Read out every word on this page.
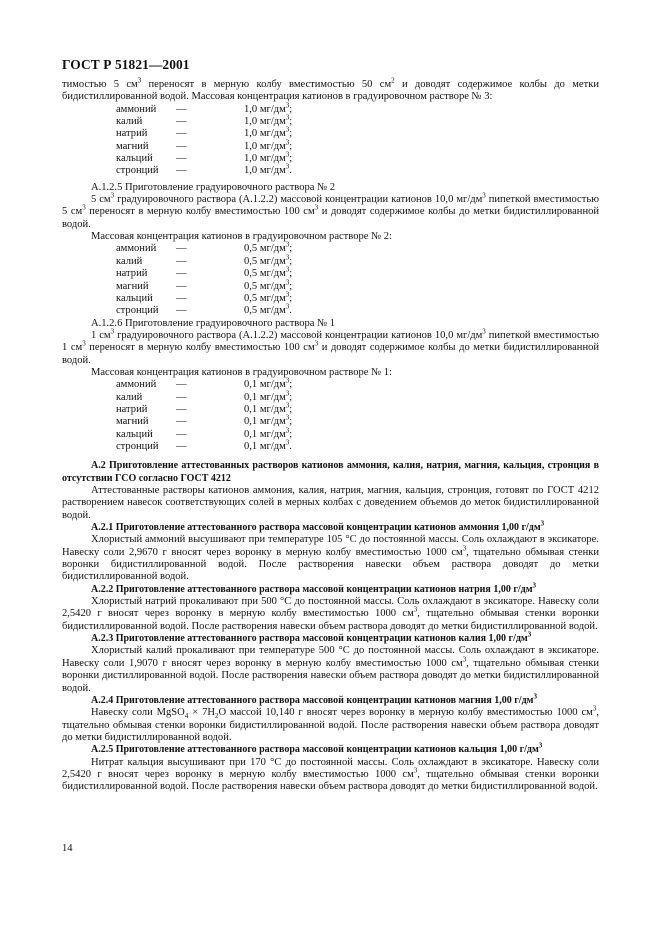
ГОСТ Р 51821—2001

тимостью 5 $см^3$ переносят в мерную колбу вместимостью 50 $см^2$ и доводят содержимое колбы до метки бидистиллированной водой. Массовая концентрация катионов в градуировочном растворе № 3:

аммоний —	1,0 $мг/дм^3$;
калий	—	1,0 $мг/дм^3$;
натрий	—	1,0 $мг/дм^3$;
магний	—	1,0 $мг/дм^3$;
кальций —	1,0 $мг/дм^3$;
стронций —	1,0 $мг/дм^3$.

А.1.2.5 Приготовление градуировочного раствора № 2

5 $см^3$ градуировочного раствора (А.1.2.2) массовой концентрации катионов 10,0 $мг/дм^3$ пипеткой вместимостью 5 $см^3$ переносят в мерную колбу вместимостью 100 $см^3$ и доводят содержимое колбы до метки бидистиллированной водой.

Массовая концентрация катионов в градуировочном растворе № 2:

аммоний —	0,5 $мг/дм^3$;
калий	—	0,5 $мг/дм^3$;
натрий	—	0,5 $мг/дм^3$;
магний	—	0,5 $мг/дм^3$;
кальций —	0,5 $мг/дм^3$;
стронций —	0,5 $мг/дм^3$.

А.1.2.6 Приготовление градуировочного раствора № 1

1 $см^3$ градуировочного раствора (А.1.2.2) массовой концентрации катионов 10,0 $мг/дм^3$ пипеткой вместимостью 1 $см^3$ переносят в мерную колбу вместимостью 100 $см^3$ и доводят содержимое колбы до метки бидистиллированной водой.

Массовая концентрация катионов в градуировочном растворе № 1:

аммоний —	0,1 $мг/дм^3$;
калий	—	0,1 $мг/дм^3$;
натрий	—	0,1 $мг/дм^3$;
магний	—	0,1 $мг/дм^3$;
кальций —	0,1 $мг/дм^3$;
стронций —	0,1 $мг/дм^3$.

А.2 Приготовление аттестованных растворов катионов аммония, калия, натрия, магния, кальция, стронция в отсутствии ГСО согласно ГОСТ 4212

Аттестованные растворы катионов аммония, калия, натрия, магния, кальция, стронция, готовят по ГОСТ 4212 растворением навесок соответствующих солей в мерных колбах с доведением объемов до меток бидистиллированной водой.

А.2.1 Приготовление аттестованного раствора массовой концентрации катионов аммония 1,00 $г/дм^3$

Хлористый аммоний высушивают при температуре 105 °С до постоянной массы. Соль охлаждают в эксикаторе. Навеску соли 2,9670 г вносят через воронку в мерную колбу вместимостью 1000 $см^3$, тщательно обмывая стенки воронки бидистиллированной водой. После растворения навески объем раствора доводят до метки бидистиллированной водой.

А.2.2 Приготовление аттестованного раствора массовой концентрации катионов натрия 1,00 $г/дм^3$

Хлористый натрий прокаливают при 500 °С до постоянной массы. Соль охлаждают в эксикаторе. Навеску соли 2,5420 г вносят через воронку в мерную колбу вместимостью 1000 $см^3$, тщательно обмывая стенки воронки бидистиллированной водой. После растворения навески объем раствора доводят до метки бидистиллированной водой.

А.2.3 Приготовление аттестованного раствора массовой концентрации катионов калия 1,00 $г/дм^3$

Хлористый калий прокаливают при температуре 500 °С до постоянной массы. Соль охлаждают в эксикаторе. Навеску соли 1,9070 г вносят через воронку в мерную колбу вместимостью 1000 $см^3$, тщательно обмывая стенки воронки дистиллированной водой. После растворения навески объем раствора доводят до метки бидистиллированной водой.

А.2.4 Приготовление аттестованного раствора массовой концентрации катионов магния 1,00 $г/дм^3$

Навеску соли MgSO$_4$ × $7H_2O$ массой 10,140 г вносят через воронку в мерную колбу вместимостью 1000 $см^3$, тщательно обмывая стенки воронки бидистиллированной водой. После растворения навески объем раствора доводят до метки бидистиллированной водой.

А.2.5 Приготовление аттестованного раствора массовой концентрации катионов кальция 1,00 $г/дм^3$

Нитрат кальция высушивают при 170 °С до постоянной массы. Соль охлаждают в эксикаторе. Навеску соли 2,5420 г вносят через воронку в мерную колбу вместимостью 1000 $см^3$, тщательно обмывая стенки воронки бидистиллированной водой. После растворения навески объем раствора доводят до метки бидистиллированной водой.

14
